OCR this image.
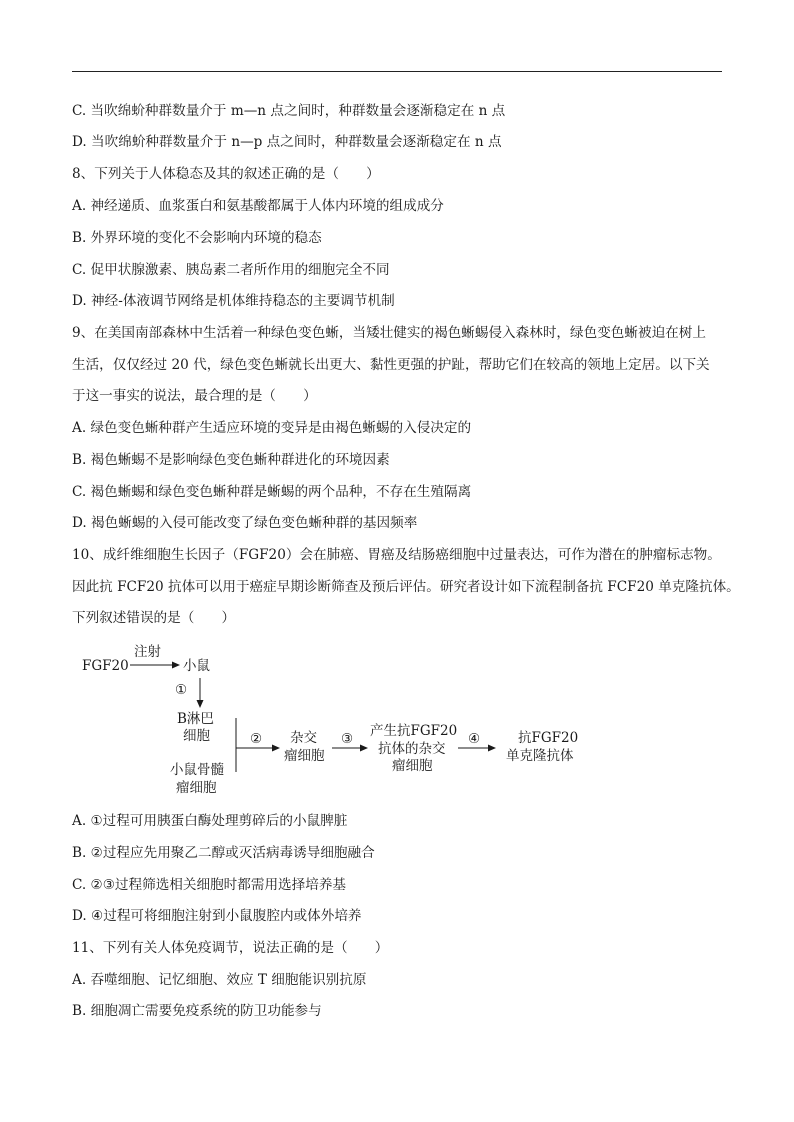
C. 当吹绵蚧种群数量介于 m—n 点之间时，种群数量会逐渐稳定在 n 点
D. 当吹绵蚧种群数量介于 n—p 点之间时，种群数量会逐渐稳定在 n 点
8、下列关于人体稳态及其的叙述正确的是（　　）
A. 神经递质、血浆蛋白和氨基酸都属于人体内环境的组成成分
B. 外界环境的变化不会影响内环境的稳态
C. 促甲状腺激素、胰岛素二者所作用的细胞完全不同
D. 神经-体液调节网络是机体维持稳态的主要调节机制
9、在美国南部森林中生活着一种绿色变色蜥，当矮壮健实的褐色蜥蜴侵入森林时，绿色变色蜥被迫在树上
生活，仅仅经过 20 代，绿色变色蜥就长出更大、黏性更强的护趾，帮助它们在较高的领地上定居。以下关
于这一事实的说法，最合理的是（　　）
A. 绿色变色蜥种群产生适应环境的变异是由褐色蜥蜴的入侵决定的
B. 褐色蜥蜴不是影响绿色变色蜥种群进化的环境因素
C. 褐色蜥蜴和绿色变色蜥种群是蜥蜴的两个品种，不存在生殖隔离
D. 褐色蜥蜴的入侵可能改变了绿色变色蜥种群的基因频率
10、成纤维细胞生长因子（FGF20）会在肺癌、胃癌及结肠癌细胞中过量表达，可作为潜在的肿瘤标志物。
因此抗 FCF20 抗体可以用于癌症早期诊断筛查及预后评估。研究者设计如下流程制备抗 FCF20 单克隆抗体。
下列叙述错误的是（　　）
FGF20
注射
小鼠
①
B淋巴
细胞
小鼠骨髓
瘤细胞
② 杂交
瘤细胞
③ 产生抗FGF20
抗体的杂交
瘤细胞
④	抗FGF20
单克隆抗体
A. ①过程可用胰蛋白酶处理剪碎后的小鼠脾脏
B. ②过程应先用聚乙二醇或灭活病毒诱导细胞融合
C. ②③过程筛选相关细胞时都需用选择培养基
D. ④过程可将细胞注射到小鼠腹腔内或体外培养
11、下列有关人体免疫调节，说法正确的是（　　）
A. 吞噬细胞、记忆细胞、效应 T 细胞能识别抗原
B. 细胞凋亡需要免疫系统的防卫功能参与
